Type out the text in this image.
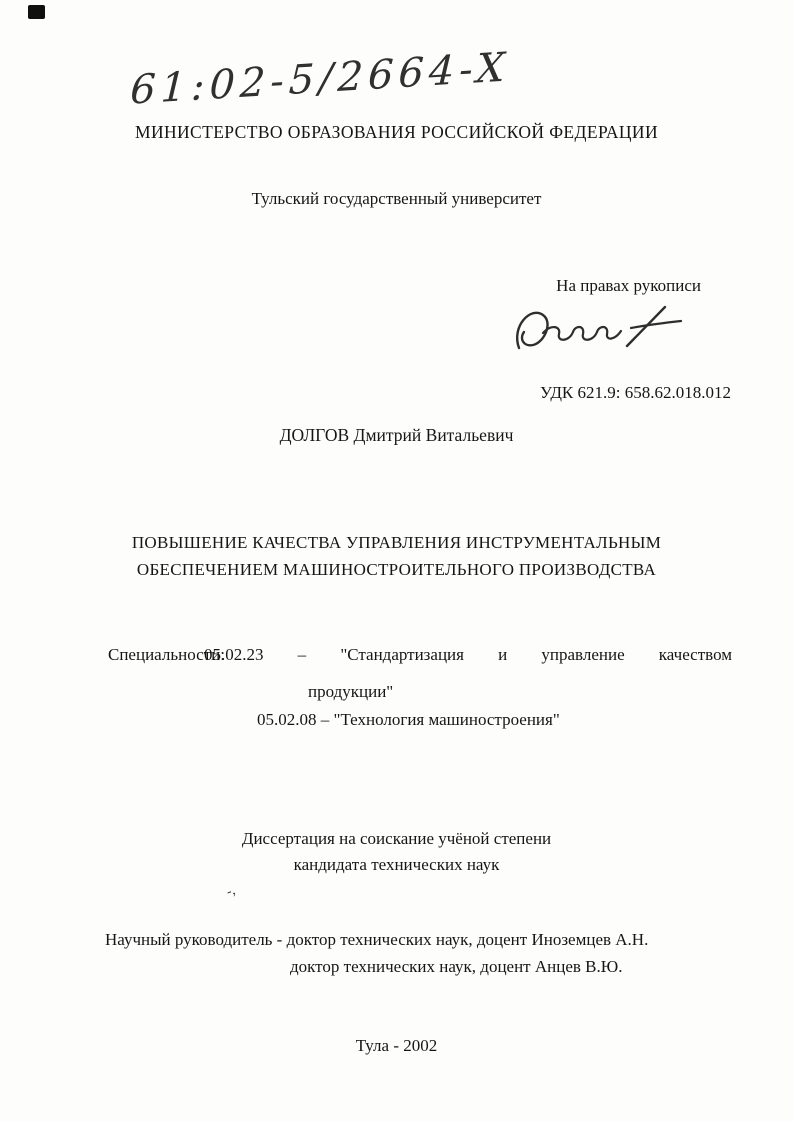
61:02-5/2664-X
МИНИСТЕРСТВО ОБРАЗОВАНИЯ РОССИЙСКОЙ ФЕДЕРАЦИИ
Тульский государственный университет
На правах рукописи
УДК 621.9: 658.62.018.012
ДОЛГОВ Дмитрий Витальевич
ПОВЫШЕНИЕ КАЧЕСТВА УПРАВЛЕНИЯ ИНСТРУМЕНТАЛЬНЫМ
ОБЕСПЕЧЕНИЕМ МАШИНОСТРОИТЕЛЬНОГО ПРОИЗВОДСТВА
Специальности:
05.02.23 – "Стандартизация и управление качеством
продукции"
05.02.08 – "Технология машиностроения"
Диссертация на соискание учёной степени
кандидата технических наук
-,
Научный руководитель - доктор технических наук, доцент Иноземцев А.Н.
доктор технических наук, доцент Анцев В.Ю.
Тула - 2002
